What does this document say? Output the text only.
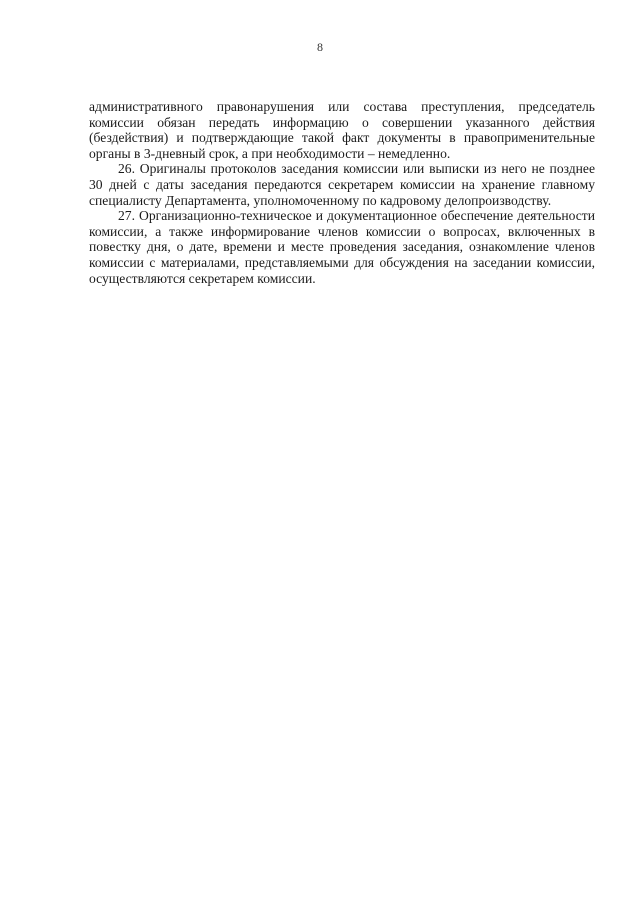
8

административного правонарушения или состава преступления, председатель комиссии обязан передать информацию о совершении указанного действия (бездействия) и подтверждающие такой факт документы в правоприменительные органы в 3-дневный срок, а при необходимости – немедленно.

26. Оригиналы протоколов заседания комиссии или выписки из него не позднее 30 дней с даты заседания передаются секретарем комиссии на хранение главному специалисту Департамента, уполномоченному по кадровому делопроизводству.

27. Организационно-техническое и документационное обеспечение деятельности комиссии, а также информирование членов комиссии о вопросах, включенных в повестку дня, о дате, времени и месте проведения заседания, ознакомление членов комиссии с материалами, представляемыми для обсуждения на заседании комиссии, осуществляются секретарем комиссии.
